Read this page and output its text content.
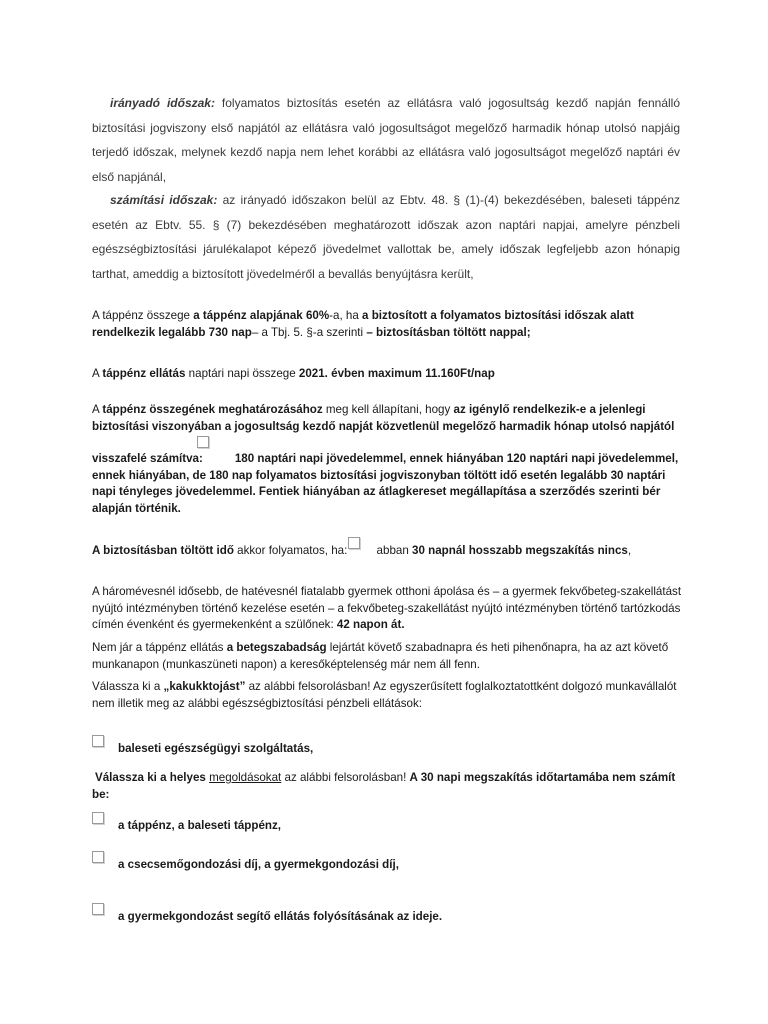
irányadó időszak: folyamatos biztosítás esetén az ellátásra való jogosultság kezdő napján fennálló biztosítási jogviszony első napjától az ellátásra való jogosultságot megelőző harmadik hónap utolsó napjáig terjedő időszak, melynek kezdő napja nem lehet korábbi az ellátásra való jogosultságot megelőző naptári év első napjánál,
számítási időszak: az irányadó időszakon belül az Ebtv. 48. § (1)-(4) bekezdésében, baleseti táppénz esetén az Ebtv. 55. § (7) bekezdésében meghatározott időszak azon naptári napjai, amelyre pénzbeli egészségbiztosítási járulékalapot képező jövedelmet vallottak be, amely időszak legfeljebb azon hónapig tarthat, ameddig a biztosított jövedelméről a bevallás benyújtásra került,
A táppénz összege a táppénz alapjának 60%-a, ha a biztosított a folyamatos biztosítási időszak alatt rendelkezik legalább 730 nap– a Tbj. 5. §-a szerinti – biztosításban töltött nappal;
A táppénz ellátás naptári napi összege 2021. évben maximum 11.160Ft/nap
A táppénz összegének meghatározásához meg kell állapítani, hogy az igénylő rendelkezik-e a jelenlegi biztosítási viszonyában a jogosultság kezdő napját közvetlenül megelőző harmadik hónap utolsó napjától
visszafelé számítva:	180 naptári napi jövedelemmel, ennek hiányában 120 naptári napi jövedelemmel, ennek hiányában, de 180 nap folyamatos biztosítási jogviszonyban töltött idő esetén legalább 30 naptári napi tényleges jövedelemmel. Fentiek hiányában az átlagkereset megállapítása a szerződés szerinti bér alapján történik.
A biztosításban töltött idő akkor folyamatos, ha: abban 30 napnál hosszabb megszakítás nincs,
A háromévesnél idősebb, de hatévesnél fiatalabb gyermek otthoni ápolása és – a gyermek fekvőbeteg-szakellátást nyújtó intézményben történő kezelése esetén – a fekvőbeteg-szakellátást nyújtó intézményben történő tartózkodás címén évenként és gyermekenként a szülőnek: 42 napon át.
Nem jár a táppénz ellátás a betegszabadság lejártát követő szabadnapra és heti pihenőnapra, ha az azt követő munkanapon (munkaszüneti napon) a keresőképtelenség már nem áll fenn.
Válassza ki a „kakukktojást” az alábbi felsorolásban! Az egyszerűsített foglalkoztatottként dolgozó munkavállalót nem illetik meg az alábbi egészségbiztosítási pénzbeli ellátások:
baleseti egészségügyi szolgáltatás,
Válassza ki a helyes megoldásokat az alábbi felsorolásban! A 30 napi megszakítás időtartamába nem számít be:
a táppénz, a baleseti táppénz,
a csecsemőgondozási díj, a gyermekgondozási díj,
a gyermekgondozást segítő ellátás folyósításának az ideje.
